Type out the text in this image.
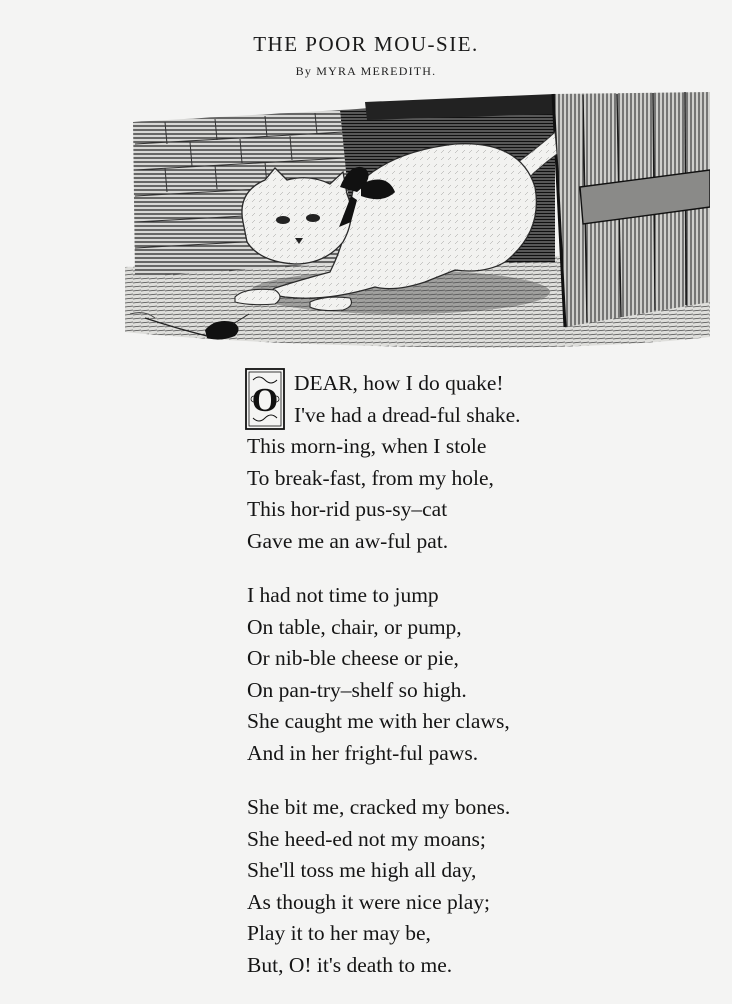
THE POOR MOU-SIE.
By MYRA MEREDITH.
O DEAR, how I do quake!
I've had a dread-ful shake.
This morn-ing, when I stole
To break-fast, from my hole,
This hor-rid pus-sy–cat
Gave me an aw-ful pat.
I had not time to jump
On table, chair, or pump,
Or nib-ble cheese or pie,
On pan-try–shelf so high.
She caught me with her claws,
And in her fright-ful paws.
She bit me, cracked my bones.
She heed-ed not my moans;
She'll toss me high all day,
As though it were nice play;
Play it to her may be,
But, O! it's death to me.
